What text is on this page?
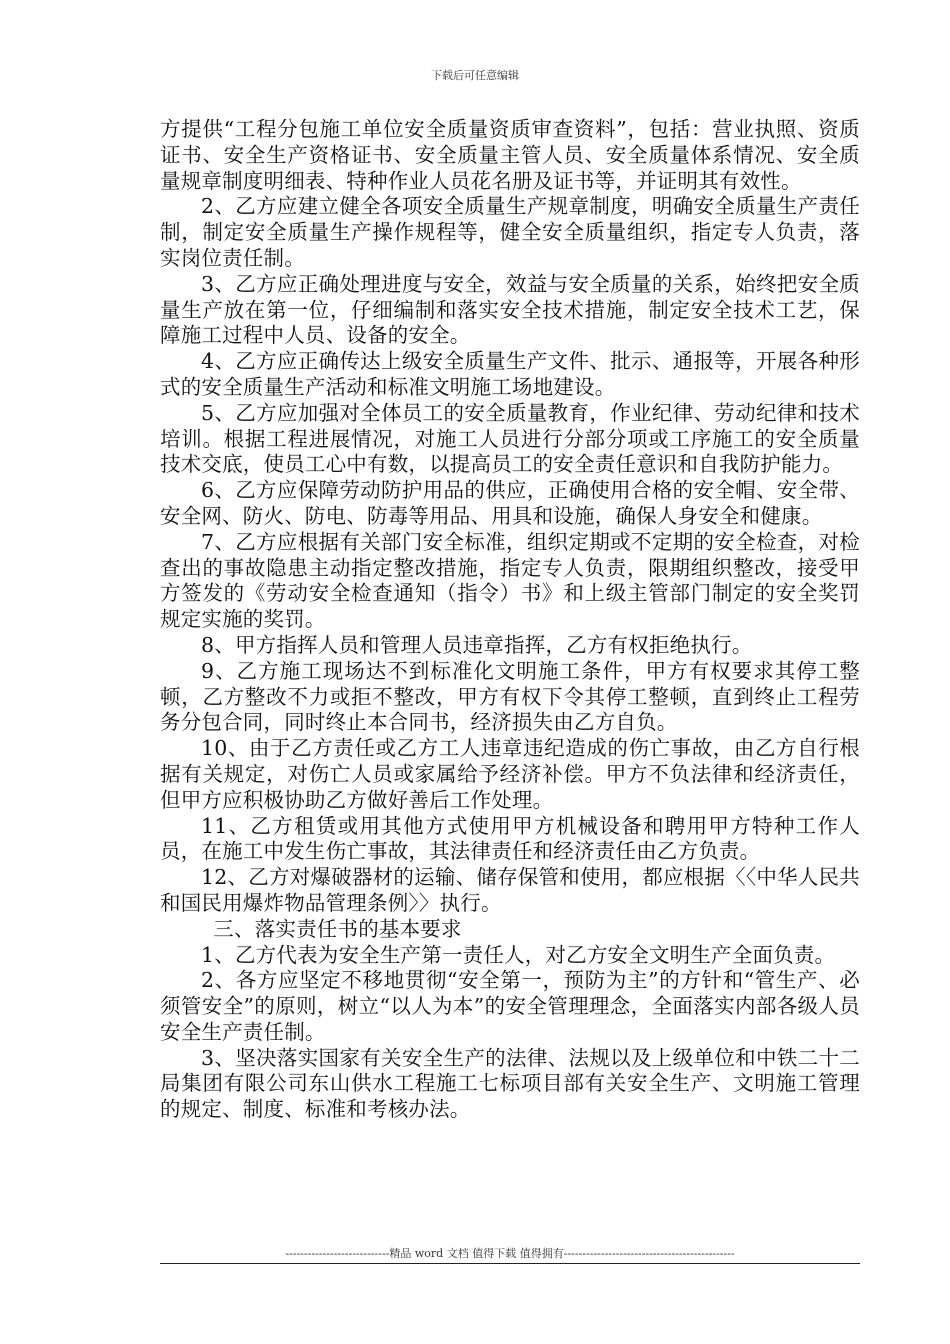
下载后可任意编辑

方提供“工程分包施工单位安全质量资质审查资料”，包括：营业执照、资质证书、安全生产资格证书、安全质量主管人员、安全质量体系情况、安全质量规章制度明细表、特种作业人员花名册及证书等，并证明其有效性。

2、乙方应建立健全各项安全质量生产规章制度，明确安全质量生产责任制，制定安全质量生产操作规程等，健全安全质量组织，指定专人负责，落实岗位责任制。

3、乙方应正确处理进度与安全，效益与安全质量的关系，始终把安全质量生产放在第一位，仔细编制和落实安全技术措施，制定安全技术工艺，保障施工过程中人员、设备的安全。

4、乙方应正确传达上级安全质量生产文件、批示、通报等，开展各种形式的安全质量生产活动和标准文明施工场地建设。

5、乙方应加强对全体员工的安全质量教育，作业纪律、劳动纪律和技术培训。根据工程进展情况，对施工人员进行分部分项或工序施工的安全质量技术交底，使员工心中有数，以提高员工的安全责任意识和自我防护能力。

6、乙方应保障劳动防护用品的供应，正确使用合格的安全帽、安全带、安全网、防火、防电、防毒等用品、用具和设施，确保人身安全和健康。

7、乙方应根据有关部门安全标准，组织定期或不定期的安全检查，对检查出的事故隐患主动指定整改措施，指定专人负责，限期组织整改，接受甲方签发的《劳动安全检查通知（指令）书》和上级主管部门制定的安全奖罚规定实施的奖罚。

8、甲方指挥人员和管理人员违章指挥，乙方有权拒绝执行。

9、乙方施工现场达不到标准化文明施工条件，甲方有权要求其停工整顿，乙方整改不力或拒不整改，甲方有权下令其停工整顿，直到终止工程劳务分包合同，同时终止本合同书，经济损失由乙方自负。

10、由于乙方责任或乙方工人违章违纪造成的伤亡事故，由乙方自行根据有关规定，对伤亡人员或家属给予经济补偿。甲方不负法律和经济责任，但甲方应积极协助乙方做好善后工作处理。

11、乙方租赁或用其他方式使用甲方机械设备和聘用甲方特种工作人员，在施工中发生伤亡事故，其法律责任和经济责任由乙方负责。

12、乙方对爆破器材的运输、储存保管和使用，都应根据〈〈中华人民共和国民用爆炸物品管理条例〉〉执行。

三、落实责任书的基本要求

1、乙方代表为安全生产第一责任人，对乙方安全文明生产全面负责。

2、各方应坚定不移地贯彻“安全第一，预防为主”的方针和“管生产、必须管安全”的原则，树立“以人为本”的安全管理理念，全面落实内部各级人员安全生产责任制。

3、坚决落实国家有关安全生产的法律、法规以及上级单位和中铁二十二局集团有限公司东山供水工程施工七标项目部有关安全生产、文明施工管理的规定、制度、标准和考核办法。

----------------------------精品 word 文档 值得下载 值得拥有----------------------------------------------
